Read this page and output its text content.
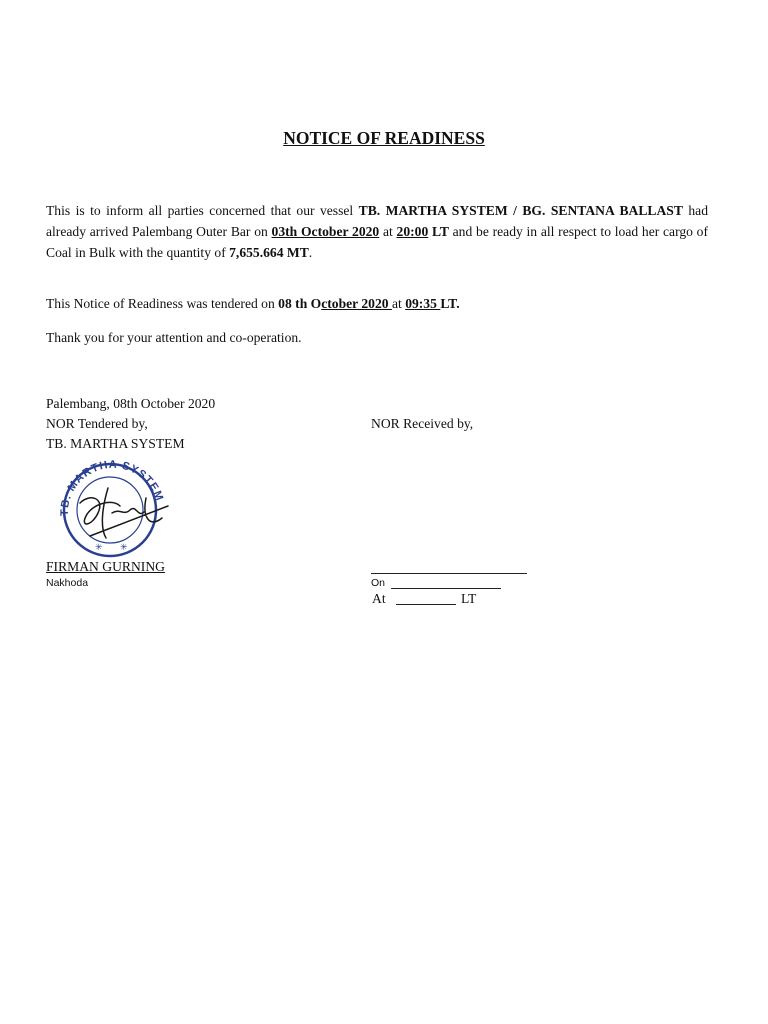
NOTICE OF READINESS
This is to inform all parties concerned that our vessel TB. MARTHA SYSTEM / BG. SENTANA BALLAST had already arrived Palembang Outer Bar on 03th October 2020 at 20:00 LT and be ready in all respect to load her cargo of Coal in Bulk with the quantity of 7,655.664 MT.
This Notice of Readiness was tendered on 08 th October 2020 at 09:35 LT.
Thank you for your attention and co-operation.
Palembang, 08th October 2020
NOR Tendered by,	NOR Received by,
TB. MARTHA SYSTEM
TB. MARTHA SYSTEM
✳ ✳
FIRMAN GURNING
Nakhoda	On
At	LT
